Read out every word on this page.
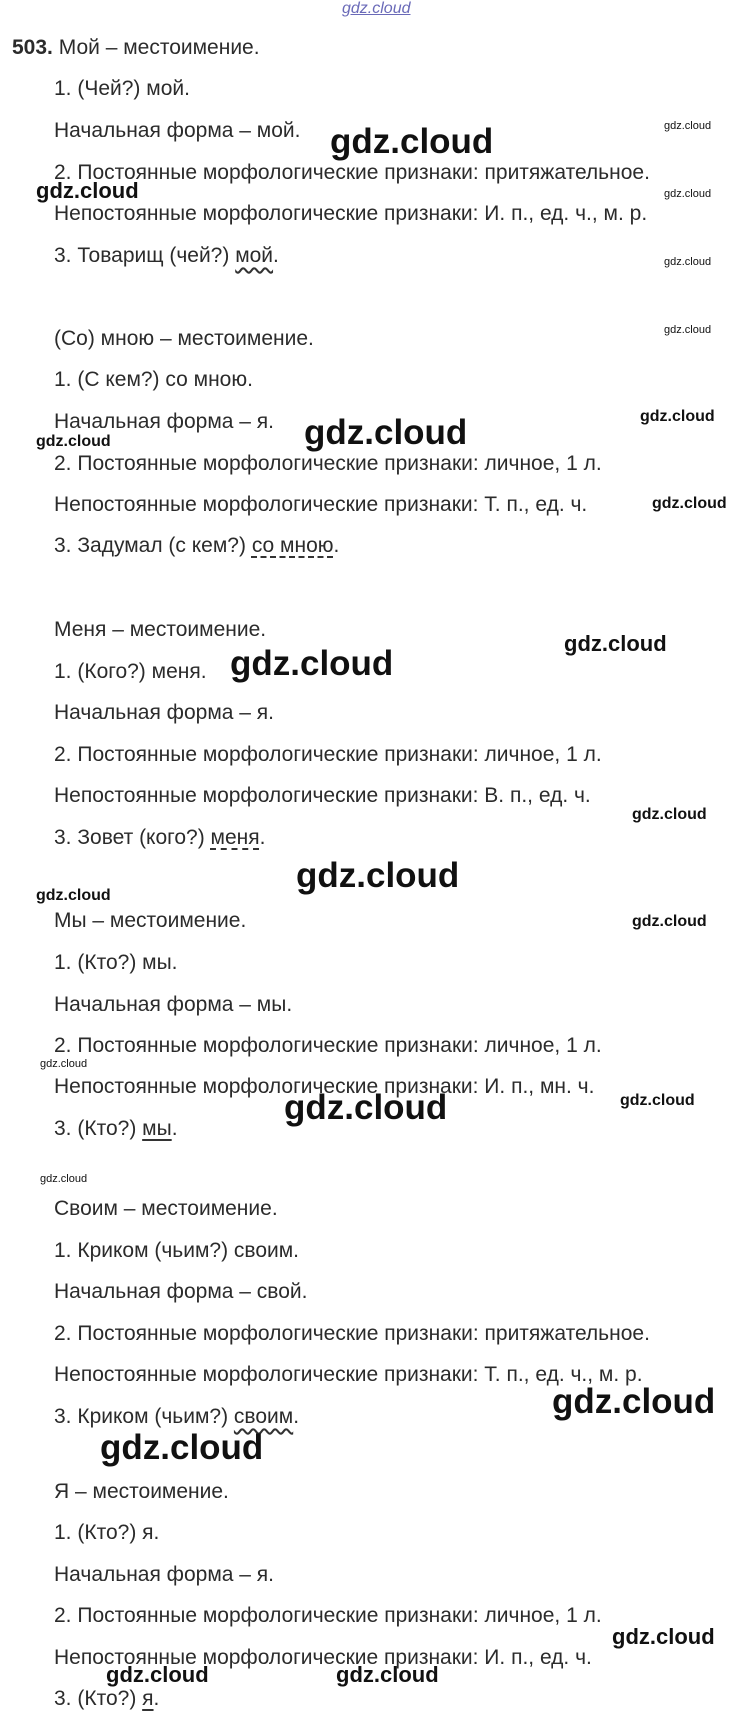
gdz.cloud
503. Мой – местоимение.
1. (Чей?) мой.
Начальная форма – мой.
2. Постоянные морфологические признаки: притяжательное.
Непостоянные морфологические признаки: И. п., ед. ч., м. р.
3. Товарищ (чей?) мой.
(Со) мною – местоимение.
1. (С кем?) со мною.
Начальная форма – я.
2. Постоянные морфологические признаки: личное, 1 л.
Непостоянные морфологические признаки: Т. п., ед. ч.
3. Задумал (с кем?) со мною.
Меня – местоимение.
1. (Кого?) меня.
Начальная форма – я.
2. Постоянные морфологические признаки: личное, 1 л.
Непостоянные морфологические признаки: В. п., ед. ч.
3. Зовет (кого?) меня.
Мы – местоимение.
1. (Кто?) мы.
Начальная форма – мы.
2. Постоянные морфологические признаки: личное, 1 л.
Непостоянные морфологические признаки: И. п., мн. ч.
3. (Кто?) мы.
Своим – местоимение.
1. Криком (чьим?) своим.
Начальная форма – свой.
2. Постоянные морфологические признаки: притяжательное.
Непостоянные морфологические признаки: Т. п., ед. ч., м. р.
3. Криком (чьим?) своим.
Я – местоимение.
1. (Кто?) я.
Начальная форма – я.
2. Постоянные морфологические признаки: личное, 1 л.
Непостоянные морфологические признаки: И. п., ед. ч.
3. (Кто?) я.
gdz.cloud	gdz.cloud
gdz.cloud	gdz.cloud
gdz.cloud
gdz.cloud
gdz.cloud
gdz.cloud
gdz.cloud
gdz.cloud
gdz.cloud
gdz.cloud
gdz.cloud
gdz.cloud
gdz.cloud
gdz.cloud
gdz.cloud
gdz.cloud	gdz.cloud
gdz.cloud
gdz.cloud
gdz.cloud
gdz.cloud
gdz.cloud	gdz.cloud
